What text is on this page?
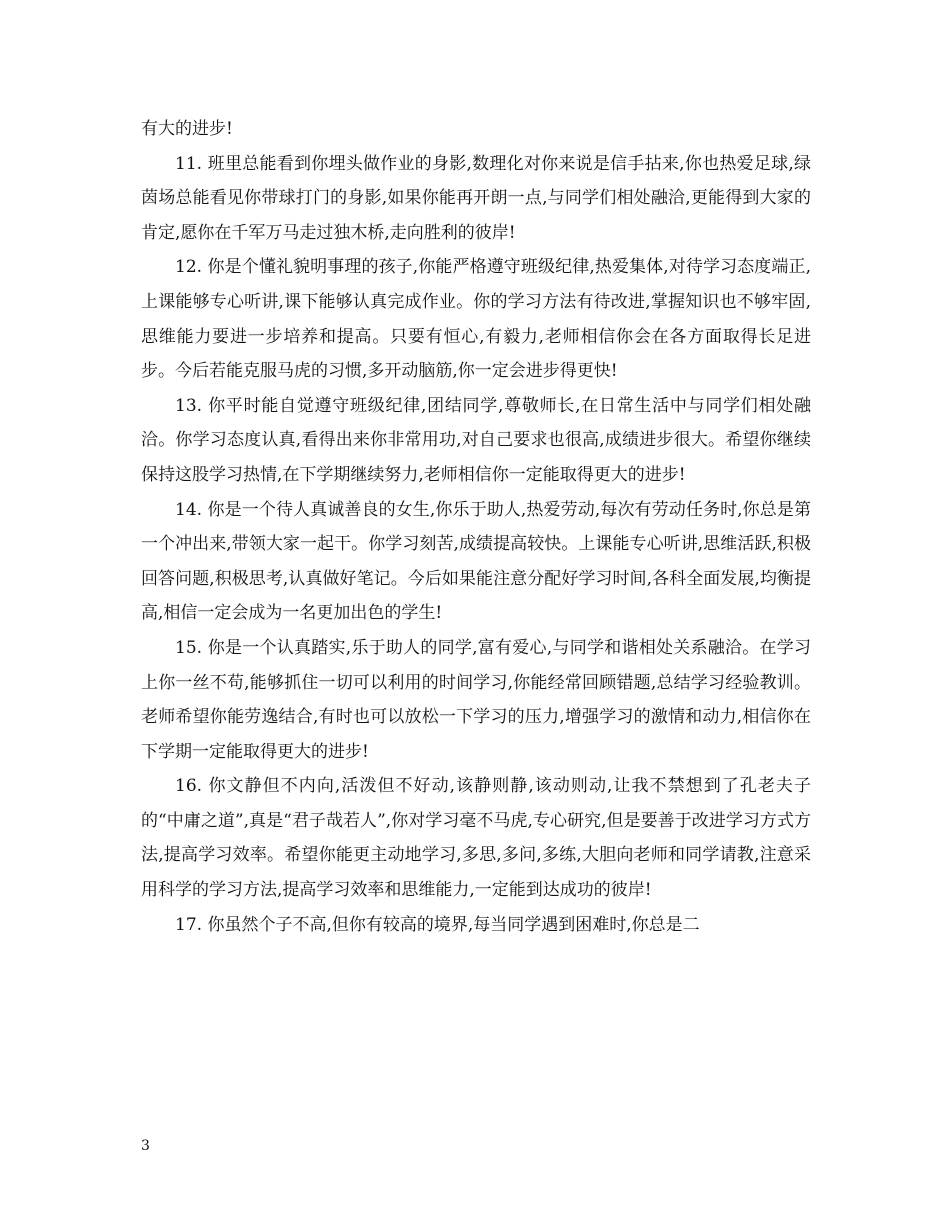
有大的进步!

11. 班里总能看到你埋头做作业的身影,数理化对你来说是信手拈来,你也热爱足球,绿茵场总能看见你带球打门的身影,如果你能再开朗一点,与同学们相处融洽,更能得到大家的肯定,愿你在千军万马走过独木桥,走向胜利的彼岸!

12. 你是个懂礼貌明事理的孩子,你能严格遵守班级纪律,热爱集体,对待学习态度端正,上课能够专心听讲,课下能够认真完成作业。你的学习方法有待改进,掌握知识也不够牢固,思维能力要进一步培养和提高。只要有恒心,有毅力,老师相信你会在各方面取得长足进步。今后若能克服马虎的习惯,多开动脑筋,你一定会进步得更快!

13. 你平时能自觉遵守班级纪律,团结同学,尊敬师长,在日常生活中与同学们相处融洽。你学习态度认真,看得出来你非常用功,对自己要求也很高,成绩进步很大。希望你继续保持这股学习热情,在下学期继续努力,老师相信你一定能取得更大的进步!

14. 你是一个待人真诚善良的女生,你乐于助人,热爱劳动,每次有劳动任务时,你总是第一个冲出来,带领大家一起干。你学习刻苦,成绩提高较快。上课能专心听讲,思维活跃,积极回答问题,积极思考,认真做好笔记。今后如果能注意分配好学习时间,各科全面发展,均衡提高,相信一定会成为一名更加出色的学生!

15. 你是一个认真踏实,乐于助人的同学,富有爱心,与同学和谐相处关系融洽。在学习上你一丝不苟,能够抓住一切可以利用的时间学习,你能经常回顾错题,总结学习经验教训。老师希望你能劳逸结合,有时也可以放松一下学习的压力,增强学习的激情和动力,相信你在下学期一定能取得更大的进步!

16. 你文静但不内向,活泼但不好动,该静则静,该动则动,让我不禁想到了孔老夫子的“中庸之道”,真是“君子哉若人”,你对学习毫不马虎,专心研究,但是要善于改进学习方式方法,提高学习效率。希望你能更主动地学习,多思,多问,多练,大胆向老师和同学请教,注意采用科学的学习方法,提高学习效率和思维能力,一定能到达成功的彼岸!

17. 你虽然个子不高,但你有较高的境界,每当同学遇到困难时,你总是二

3
